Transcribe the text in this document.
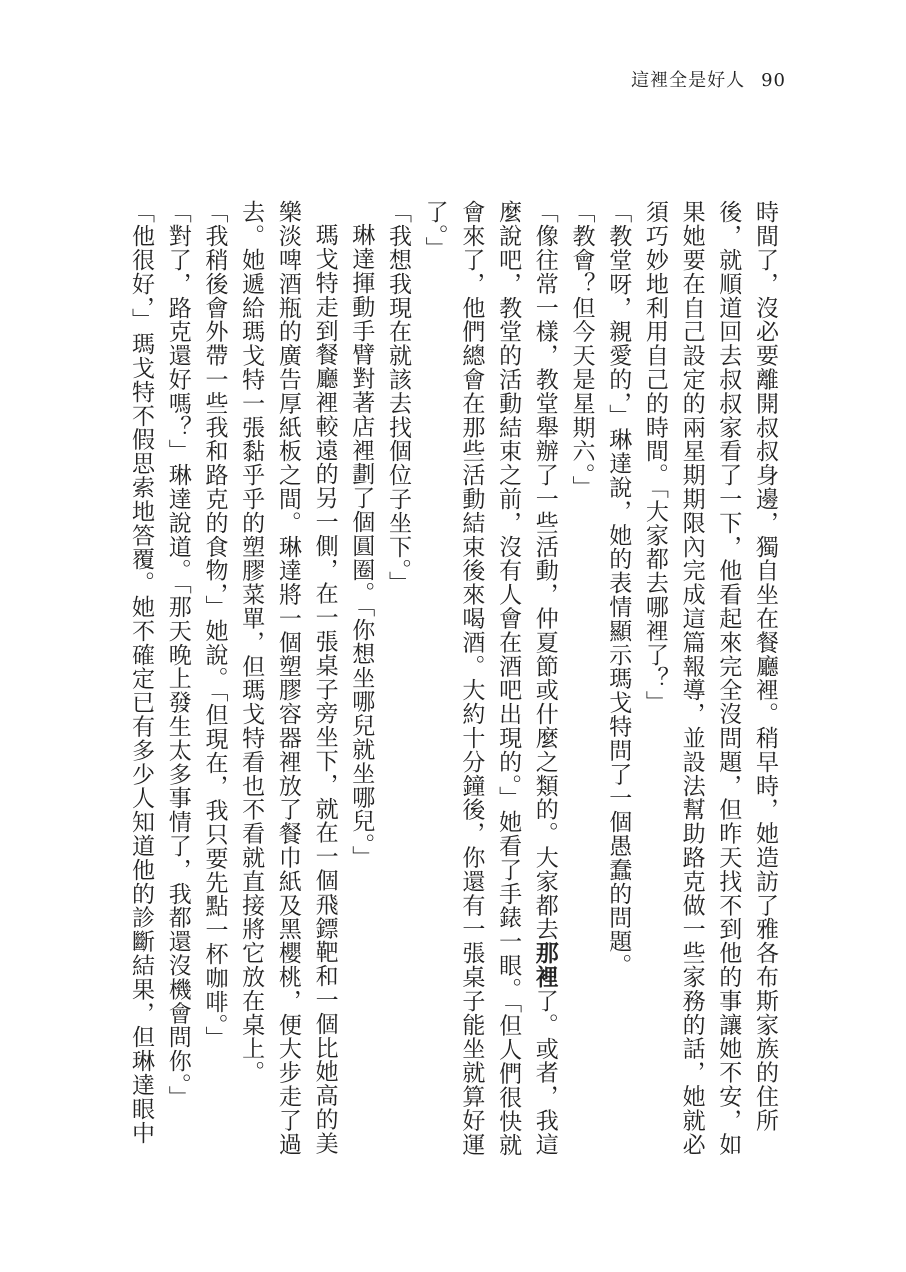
這裡全是好人 90

時間了，沒必要離開叔叔身邊，獨自坐在餐廳裡。稍早時，她造訪了雅各布斯家族的住所後，就順道回去叔叔家看了一下，他看起來完全沒問題，但昨天找不到他的事讓她不安，如果她要在自己設定的兩星期期限內完成這篇報導，並設法幫助路克做一些家務的話，她就必須巧妙地利用自己的時間。「大家都去哪裡了？」

「教堂呀，親愛的，」琳達說，她的表情顯示瑪戈特問了一個愚蠢的問題。

「教會？但今天是星期六。」

「像往常一樣，教堂舉辦了一些活動，仲夏節或什麼之類的。大家都去那裡了。或者，我這麼說吧，教堂的活動結束之前，沒有人會在酒吧出現的。」她看了手錶一眼。「但人們很快就會來了，他們總會在那些活動結束後來喝酒。大約十分鐘後，你還有一張桌子能坐就算好運了。」

「我想我現在就該去找個位子坐下。」

琳達揮動手臂對著店裡劃了個圓圈。「你想坐哪兒就坐哪兒。」

瑪戈特走到餐廳裡較遠的另一側，在一張桌子旁坐下，就在一個飛鏢靶和一個比她高的美樂淡啤酒瓶的廣告厚紙板之間。琳達將一個塑膠容器裡放了餐巾紙及黑櫻桃，便大步走了過去。她遞給瑪戈特一張黏乎乎的塑膠菜單，但瑪戈特看也不看就直接將它放在桌上。

「我稍後會外帶一些我和路克的食物，」她說。「但現在，我只要先點一杯咖啡。」

「對了，路克還好嗎？」琳達說道。「那天晚上發生太多事情了，我都還沒機會問你。」

「他很好，」瑪戈特不假思索地答覆。她不確定已有多少人知道他的診斷結果，但琳達眼中
